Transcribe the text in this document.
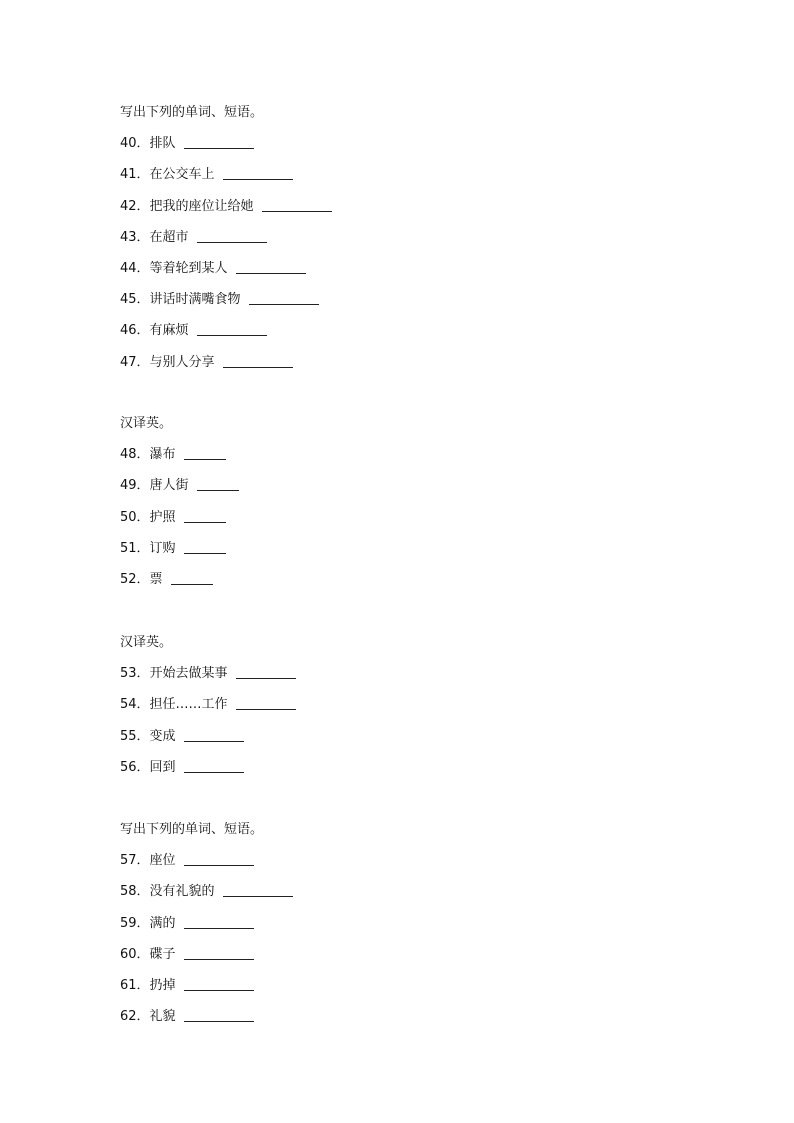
写出下列的单词、短语。
40．排队
41．在公交车上
42．把我的座位让给她
43．在超市
44．等着轮到某人
45．讲话时满嘴食物
46．有麻烦
47．与别人分享
汉译英。
48．瀑布
49．唐人街
50．护照
51．订购
52．票
汉译英。
53．开始去做某事
54．担任……工作
55．变成
56．回到
写出下列的单词、短语。
57．座位
58．没有礼貌的
59．满的
60．碟子
61．扔掉
62．礼貌
